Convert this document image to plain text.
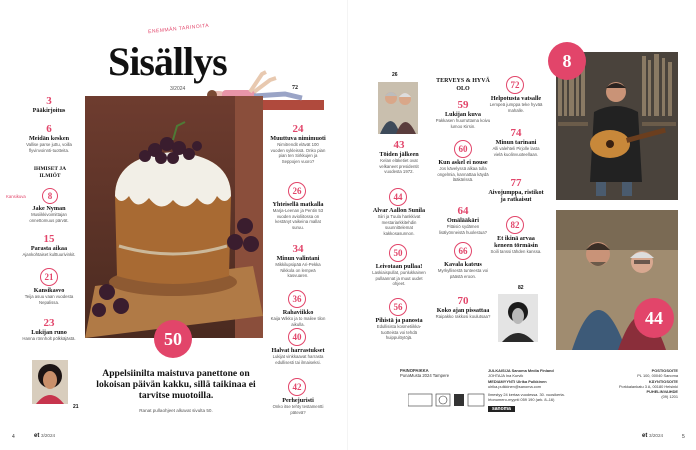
ENEMMÄN TARINOITA
Sisällys
3/2024	72
3
Pääkirjoitus
6
Meidän kesken
Vallise parse juttu, voilla flyvinvoinnti-tuotteita.
IHMISET JA ILMIÖT
Kansikuva	8
Jake Nyman
Musiikkivoimittajan onnettomuus pärvät.
15
Parasta aikaa
Ajankohtaiset kulttuurivinkit.
21
Kansikasvo
Teija asuu vaan vuodesta Nepalissa.
23
Lukijan runo
Hanna rönnholt pölkkäjästä.
21
24
Muuttuva nimimuoti
Nimitrendit elävät 100 vuoden sykleissä. Onko pian pian ten Sirkkujen ja Seppojen vuoro?
26
Yhteisellä matkalla
Marja-Leenan ja Pentin 53 vuoden avioliitossa on kestänyt vaikeina mallat suruu.
34
Minun valintani
Mikkilupsipää Ari-Pekka Nikkola on lempeä kasvuaren.
36
Rahaviikko
Kaija Wikko ja to mailee tilon aikulla.
40
Halvat harrastukset
Lukijat vinkkaavat harrasta edullisesti tai ilmaiseksi.
42
Perhejuristi
Onko itse tehty testamentti pätevä?
50
Appelsiinilta maistuva panettone on lokoisan päivän kakku, sillä taikinaa ei tarvitse muotoilla.
Ranat pullaohjeet alkavat sivulta 50.
4	et 3/2024
26
43
Töiden jälkeen
Kelan eläketiet ovat velkaneet presidentit vuodesta 1972.
44
Alvar Aallon Sunila
Siiri ja Tuula hankkivat mestariarkkitehdin suunnittelemat kakkosasunnon.
50
Leivotaan pullaa!
Laskiaispullat, punlukkainen pullaannat ja muut uudet ohjeet.
56
Pihistä ja panosta
Edullisista kosmetiikka-tuotteista voi tehdä huippulöytöjä.
TERVEYS & HYVÄ OLO
59
Lukijan kuva
Pakkasen huurruttama koivu lumoo Kirsin.
60
Kun askel ei nouse
Jos kävelyssä alkaa tulla ongelmia, kannattaa käydä lääkärissä.
64
Omälääkäri
Pitäisiö sydämen lisälyönneistä huolestua?
66
Kavala kateus
Myrkyllisestä tunteesta voi päästä eroon.
70
Koko ajan pissattaa
Raipakko rakkosi koulutsaa?
72
Helpotusta vatsalle
Lempeä jumppa teke hyvää mahalle.
74
Minun tarinani
Alli valehteli Pirjolle lasta vielä kuolinvuoteellaan.
77
Aivojumppa, ristikot ja ratkaisut
82
Et ikinä arvaa keneen törmäsin
Soili tanssi tähden kanssa.
82
8
44
PAINOPAIKKA
PunaMusta 2024 Tampere
JULKAISIJA Sanoma Media Finland
JOHTAJA Ina Kurvik
MEDIAMYYNTI Ulrika Pulkkinen
ulrika.pulkkinen@sanoma.com
Ilmestyy 24 kertaa vuodessa. 30. vuosikerta.
Irtonumero-myynti 059 190 (ark. 8–16)
sanoma
POSTIOSOITE
PL 100, 00040 Sanoma
KÄYNTIOSOITE
Porkkalankatu 3 A, 00180 Helsinki
PUHELINVAIHDE
(09) 1201
et 3/2024	5
